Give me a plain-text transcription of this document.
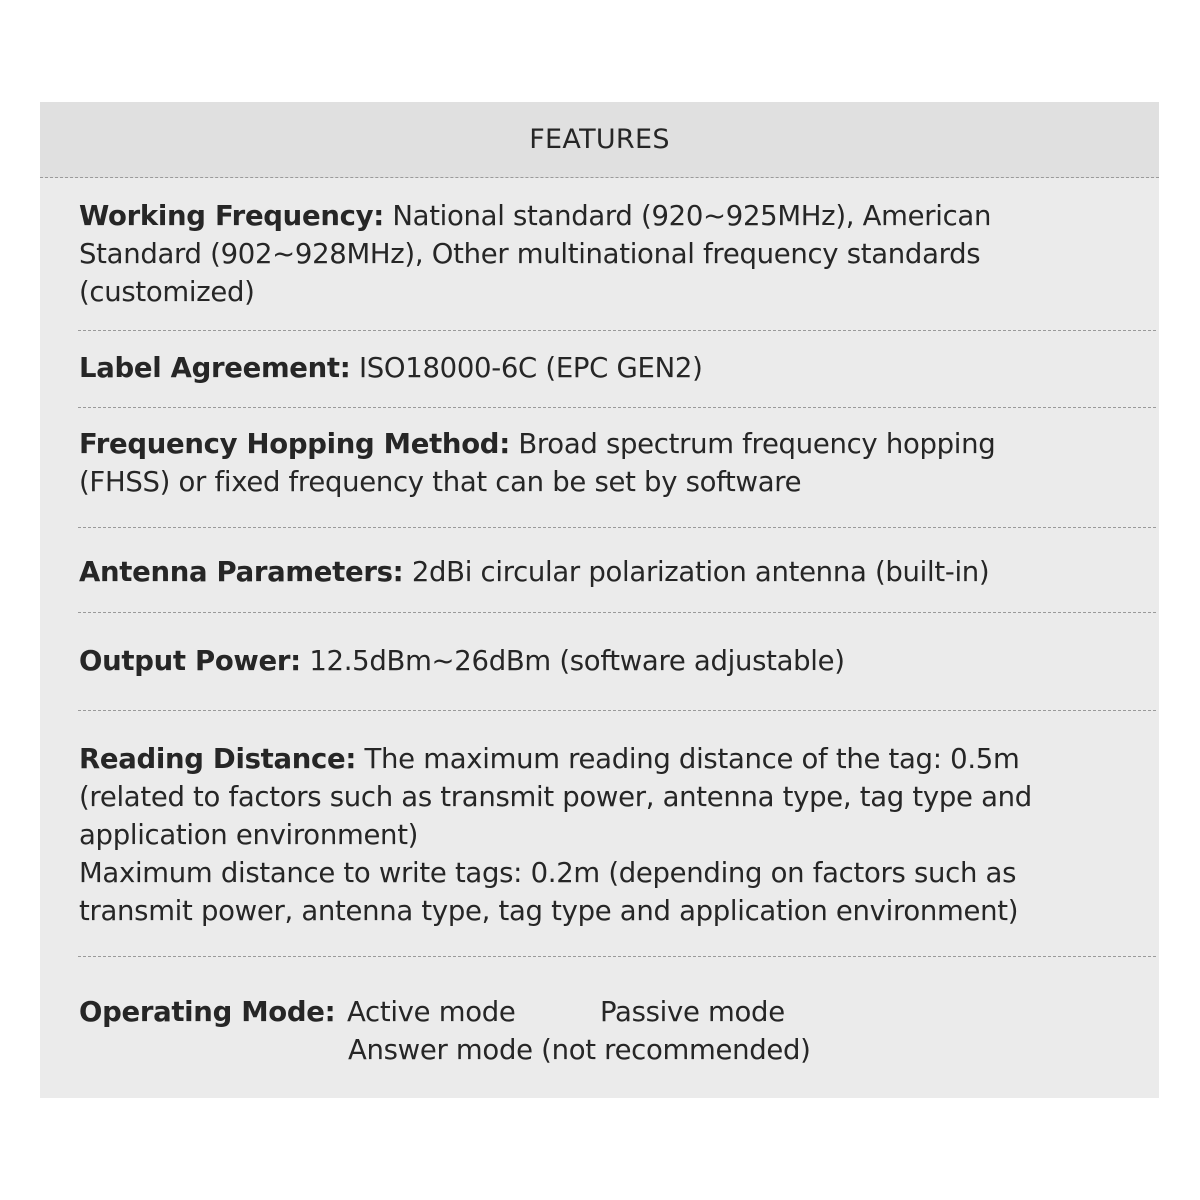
FEATURES
Working Frequency: National standard (920~925MHz), American
Standard (902~928MHz), Other multinational frequency standards
(customized)
Label Agreement: ISO18000-6C (EPC GEN2)
Frequency Hopping Method: Broad spectrum frequency hopping
(FHSS) or fixed frequency that can be set by software
Antenna Parameters: 2dBi circular polarization antenna (built-in)
Output Power: 12.5dBm~26dBm (software adjustable)
Reading Distance: The maximum reading distance of the tag: 0.5m
(related to factors such as transmit power, antenna type, tag type and
application environment)
Maximum distance to write tags: 0.2m (depending on factors such as
transmit power, antenna type, tag type and application environment)
Operating Mode: Active mode	Passive mode
Answer mode (not recommended)
